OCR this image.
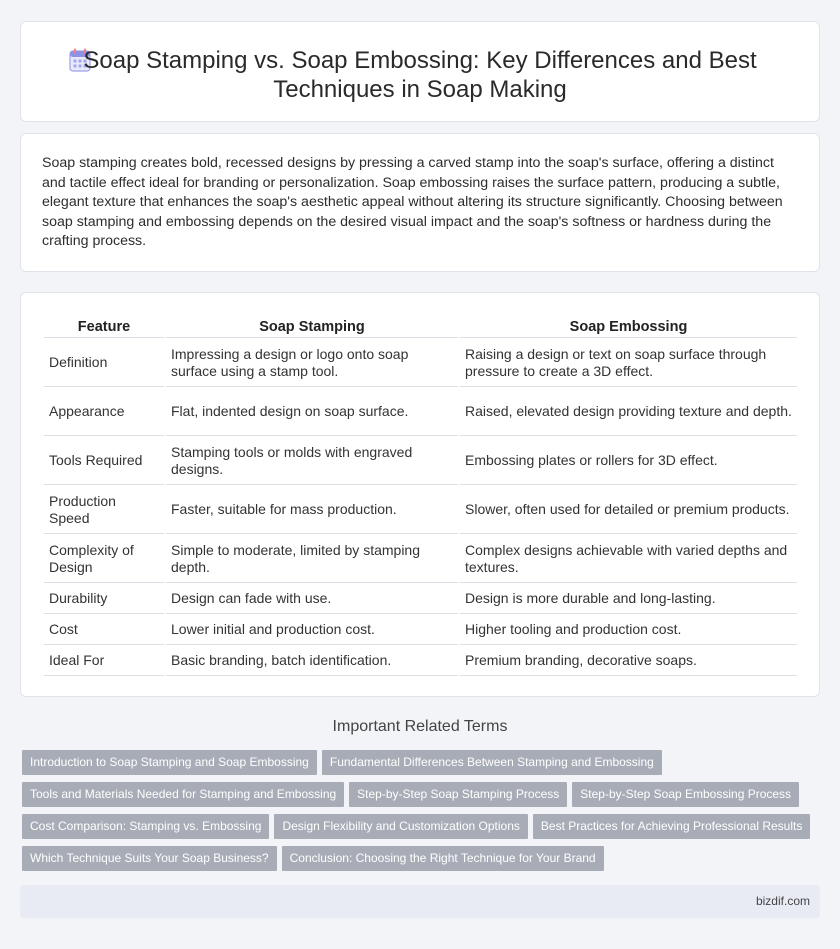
Soap Stamping vs. Soap Embossing: Key Differences and Best Techniques in Soap Making

Soap stamping creates bold, recessed designs by pressing a carved stamp into the soap's surface, offering a distinct and tactile effect ideal for branding or personalization. Soap embossing raises the surface pattern, producing a subtle, elegant texture that enhances the soap's aesthetic appeal without altering its structure significantly. Choosing between soap stamping and embossing depends on the desired visual impact and the soap's softness or hardness during the crafting process.

Feature	Soap Stamping	Soap Embossing
Definition	Impressing a design or logo onto soap surface using a stamp tool.	Raising a design or text on soap surface through pressure to create a 3D effect.
Appearance	Flat, indented design on soap surface.	Raised, elevated design providing texture and depth.
Tools Required	Stamping tools or molds with engraved designs.	Embossing plates or rollers for 3D effect.
Production Speed	Faster, suitable for mass production.	Slower, often used for detailed or premium products.
Complexity of Design	Simple to moderate, limited by stamping depth.	Complex designs achievable with varied depths and textures.
Durability	Design can fade with use.	Design is more durable and long-lasting.
Cost	Lower initial and production cost.	Higher tooling and production cost.
Ideal For	Basic branding, batch identification.	Premium branding, decorative soaps.
Important Related Terms
Introduction to Soap Stamping and Soap Embossing Fundamental Differences Between Stamping and Embossing
Tools and Materials Needed for Stamping and Embossing Step-by-Step Soap Stamping Process Step-by-Step Soap Embossing Process
Cost Comparison: Stamping vs. Embossing Design Flexibility and Customization Options Best Practices for Achieving Professional Results
Which Technique Suits Your Soap Business? Conclusion: Choosing the Right Technique for Your Brand
bizdif.com
